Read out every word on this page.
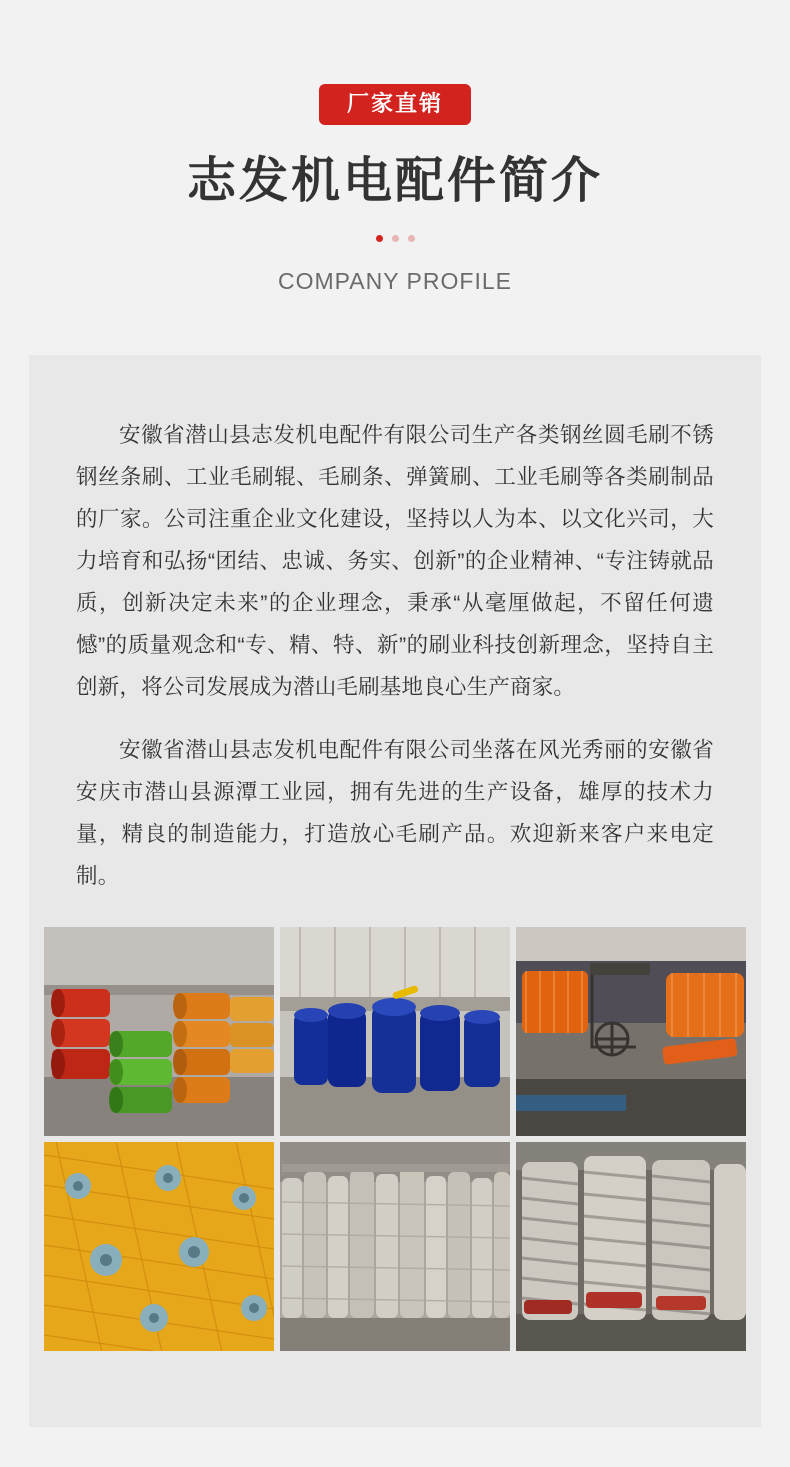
厂家直销
志发机电配件简介
COMPANY PROFILE

安徽省潜山县志发机电配件有限公司生产各类钢丝圆毛刷不锈钢丝条刷、工业毛刷辊、毛刷条、弹簧刷、工业毛刷等各类刷制品的厂家。公司注重企业文化建设，坚持以人为本、以文化兴司，大力培育和弘扬“团结、忠诚、务实、创新”的企业精神、“专注铸就品质，创新决定未来”的企业理念，秉承“从毫厘做起，不留任何遗憾”的质量观念和“专、精、特、新”的刷业科技创新理念，坚持自主创新，将公司发展成为潜山毛刷基地良心生产商家。

安徽省潜山县志发机电配件有限公司坐落在风光秀丽的安徽省安庆市潜山县源潭工业园，拥有先进的生产设备，雄厚的技术力量，精良的制造能力，打造放心毛刷产品。欢迎新来客户来电定制。
